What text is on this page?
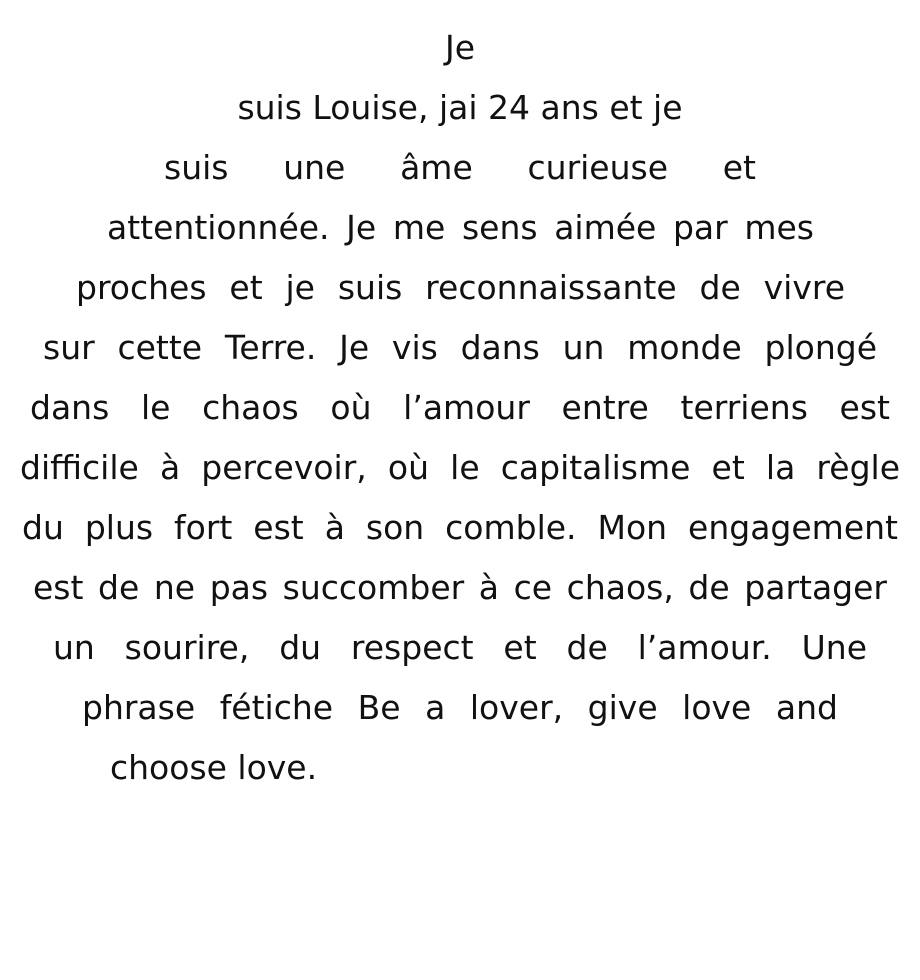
Je
suis Louise, jai 24 ans et je
suis une âme curieuse et
attentionnée. Je me sens aimée par mes
proches et je suis reconnaissante de vivre
sur cette Terre. Je vis dans un monde plongé
dans le chaos où l’amour entre terriens est
difficile à percevoir, où le capitalisme et la règle
du plus fort est à son comble. Mon engagement
est de ne pas succomber à ce chaos, de partager
un sourire, du respect et de l’amour. Une
phrase fétiche Be a lover, give love and
choose love.
